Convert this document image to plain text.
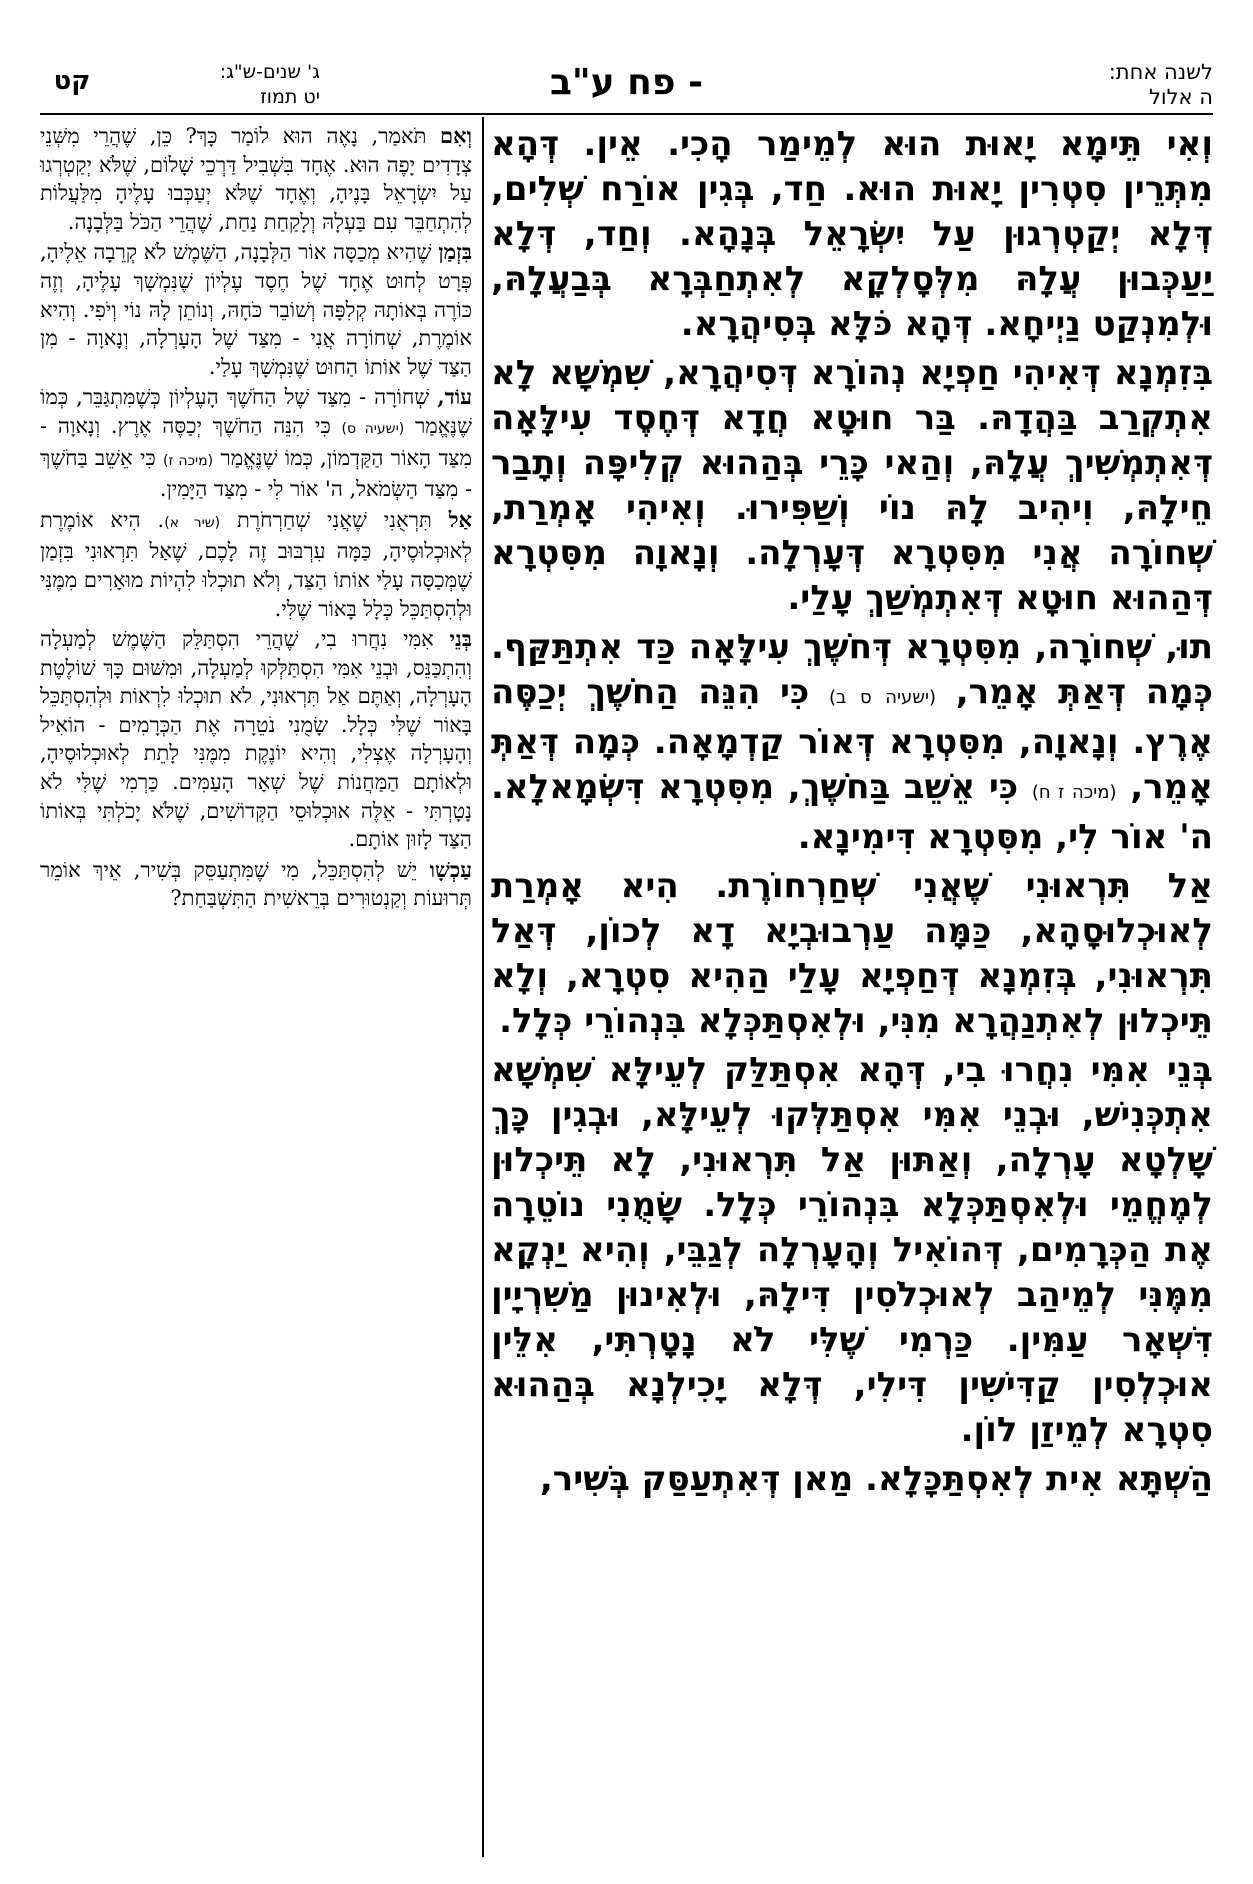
לשנה אחת:
ה אלול
- פח ע"ב
ג' שנים-ש"ג:
יט תמוז
קט

וְאִי תֵּימָא יָאוּת הוּא לְמֵימַר הָכִי. אֵין. דְּהָא מִתְּרֵין סִטְרִין יָאוּת הוּא. חַד, בְּגִין אוֹרַח שְׁלִים, דְּלָא יְקַטְרְגוּן עַל יִשְׂרָאֵל בְּנָהָא. וְחַד, דְּלָא יַעַכְּבוּן עֲלָהּ מִלְּסָלְקָא לְאִתְחַבְּרָא בְּבַעֲלָהּ, וּלְמִנְקַט נַיְיחָא. דְּהָא כֹּלָּא בְּסִיהֲרָא.

בִּזִמְנָא דְּאִיהִי חַפְיָא נְהוֹרָא דְּסִיהֲרָא, שִׁמְשָׁא לָא אִתְקְרַב בַּהֲדָהּ. בַּר חוּטָא חֲדָא דְּחֶסֶד עִילָּאָה דְּאִתְמְשִׁיךְ עֲלָהּ, וְהַאי כָּרֵי בְּהַהוּא קְלִיפָּה וְתָבַר חֵילָהּ, וִיהִיב לָהּ נוֹי וְשַׁפִּירוּ. וְאִיהִי אָמְרַת, שְׁחוֹרָה אֲנִי מִסִּטְרָא דְּעָרְלָה. וְנָאוָה מִסִּטְרָא דְּהַהוּא חוּטָא דְּאִתְמְשַׁךְ עָלַי.

תוּ, שְׁחוֹרָה, מִסִּטְרָא דְּחֹשֶׁךְ עִילָּאָה כַּד אִתְתַּקַּף. כְּמָה דְּאַתְּ אָמֵר, (ישעיה ס ב) כִּי הִנֵּה הַחֹשֶׁךְ יְכַסֶּה אֶרֶץ. וְנָאוָה, מִסִּטְרָא דְּאוֹר קַדְמָאָה. כְּמָה דְּאַתְּ אָמֵר, (מיכה ז ח) כִּי אֵשֵׁב בַּחֹשֶׁךְ, מִסִּטְרָא דִּשְׂמָאלָא. ה' אוֹר לִי, מִסִּטְרָא דִּימִינָא.

אַל תִּרְאוּנִי שֶׁאֲנִי שְׁחַרְחוֹרֶת. הִיא אָמְרַת לְאוּכְלוּסָהָא, כַּמָּה עַרְבוּבְיָא דָא לְכוֹן, דְּאַל תִּרְאוּנִי, בְּזִמְנָא דְּחַפְיָא עָלַי הַהִיא סִטְרָא, וְלָא תֵּיכְלוּן לְאִתְנַהֲרָא מִנִּי, וּלְאִסְתַּכְּלָא בִּנְהוֹרֵי כְּלָל.

בְּנֵי אִמִּי נִחֲרוּ בִי, דְּהָא אִסְתַּלַּק לְעֵילָּא שִׁמְשָׁא אִתְכְּנִישׁ, וּבְנֵי אִמִּי אִסְתַּלְּקוּ לְעֵילָּא, וּבְגִין כָּךְ שָׁלְטָא עָרְלָה, וְאַתּוּן אַל תִּרְאוּנִי, לָא תֵּיכְלוּן לְמֶחֱמֵי וּלְאִסְתַּכְּלָא בִּנְהוֹרֵי כְּלָל. שָׂמֻנִי נוֹטֵרָה אֶת הַכְּרָמִים, דְּהוֹאִיל וְהָעָרְלָה לְגַבֵּי, וְהִיא יַנְקָא מִמֶּנִּי לְמֵיהַב לְאוּכְלֹסִין דִּילָהּ, וּלְאִינוּן מַשִׁרְיָין דִּשְׁאָר עַמִּין. כַּרְמִי שֶׁלִּי לֹא נָטָרְתִּי, אִלֵּין אוּכְלְסִין קַדִּישִׁין דִּילִי, דְּלָא יָכִילְנָא בְּהַהוּא סִטְרָא לְמֵיזַן לוֹן.

הַשְׁתָּא אִית לְאִסְתַּכָּלָא. מַאן דְּאִתְעַסַּק בְּשִׁיר,

וְאִם תֹּאמַר, נָאֶה הוּא לוֹמַר כָּךְ? כֵּן, שֶׁהֲרֵי מִשְּׁנֵי צְדָדִים יָפֶה הוּא. אֶחָד בִּשְׁבִיל דַּרְכֵי שָׁלוֹם, שֶׁלֹּא יְקַטְרְגוּ עַל יִשְׂרָאֵל בָּנֶיהָ, וְאֶחָד שֶׁלֹּא יְעַכְּבוּ עָלֶיהָ מִלַּעֲלוֹת לְהִתְחַבֵּר עִם בַּעְלָהּ וְלָקַחַת נַחַת, שֶׁהֲרֵי הַכֹּל בַּלְּבָנָה.

בִּזְמַן שֶׁהִיא מְכַסָּה אוֹר הַלְּבָנָה, הַשֶּׁמֶשׁ לֹא קְרֵבָה אֵלֶיהָ, פְּרָט לְחוּט אֶחָד שֶׁל חֶסֶד עֶלְיוֹן שֶׁנִּמְשָׁךְ עָלֶיהָ, וְזֶה כּוֹרֶה בְּאוֹתָהּ קְלִפָּה וְשׁוֹבֵר כֹּחָהּ, וְנוֹתֵן לָהּ נוֹי וְיֹפִי. וְהִיא אוֹמֶרֶת, שְׁחוֹרָה אֲנִי - מִצַּד שֶׁל הָעָרְלָה, וְנָאוָה - מִן הַצַּד שֶׁל אוֹתוֹ הַחוּט שֶׁנִּמְשָׁךְ עָלַי.

עוֹד, שְׁחוֹרָה - מִצַּד שֶׁל הַחֹשֶׁךְ הָעֶלְיוֹן כְּשֶׁמִּתְגַּבֵּר, כְּמוֹ שֶׁנֶּאֱמַר (ישעיה ס) כִּי הִנֵּה הַחֹשֶׁךְ יְכַסֶּה אֶרֶץ. וְנָאוָה - מִצַּד הָאוֹר הַקַּדְמוֹן, כְּמוֹ שֶׁנֶּאֱמַר (מיכה ז) כִּי אֵשֵׁב בַּחֹשֶׁךְ - מִצַּד הַשְּׂמֹאל, ה' אוֹר לִי - מִצַּד הַיָּמִין.

אַל תִּרְאֻנִי שֶׁאֲנִי שְׁחַרְחֹרֶת (שיר א). הִיא אוֹמֶרֶת לְאוּכְלוּסֶיהָ, כַּמָּה עִרְבּוּב זֶה לָכֶם, שֶׁאַל תִּרְאוּנִי בִּזְמַן שֶׁמְּכַסָּה עָלַי אוֹתוֹ הַצַּד, וְלֹא תוּכְלוּ לִהְיוֹת מוּאָרִים מִמֶּנִּי וּלְהִסְתַּכֵּל כְּלָל בָּאוֹר שֶׁלִּי.

בְּנֵי אִמִּי נִחֲרוּ בִי, שֶׁהֲרֵי הִסְתַּלֵּק הַשֶּׁמֶשׁ לְמַעְלָה וְהִתְכַּנֵּס, וּבְנֵי אִמִּי הִסְתַּלְּקוּ לְמַעְלָה, וּמִשּׁוּם כָּךְ שׁוֹלֶטֶת הָעָרְלָה, וְאַתֶּם אַל תִּרְאוּנִי, לֹא תוּכְלוּ לִרְאוֹת וּלְהִסְתַּכֵּל בָּאוֹר שֶׁלִּי כְּלָל. שָׂמֻנִי נֹטֵרָה אֶת הַכְּרָמִים - הוֹאִיל וְהָעָרְלָה אֶצְלִי, וְהִיא יוֹנֶקֶת מִמֶּנִּי לָתֵת לְאוּכְלוּסֶיהָ, וּלְאוֹתָם הַמַּחֲנוֹת שֶׁל שְׁאָר הָעַמִּים. כַּרְמִי שֶׁלִּי לֹא נָטָרְתִּי - אֵלֶּה אוּכְלוּסֵי הַקְּדוֹשִׁים, שֶׁלֹּא יָכֹלְתִּי בְּאוֹתוֹ הַצַּד לָזוּן אוֹתָם.

עַכְשָׁו יֵשׁ לְהִסְתַּכֵּל, מִי שֶׁמִּתְעַסֵּק בְּשִׁיר, אֵיךְ אוֹמֵר תְּרוּעוֹת וְקַנְטוּרִים בְּרֵאשִׁית הַתִּשְׁבַּחַת?
